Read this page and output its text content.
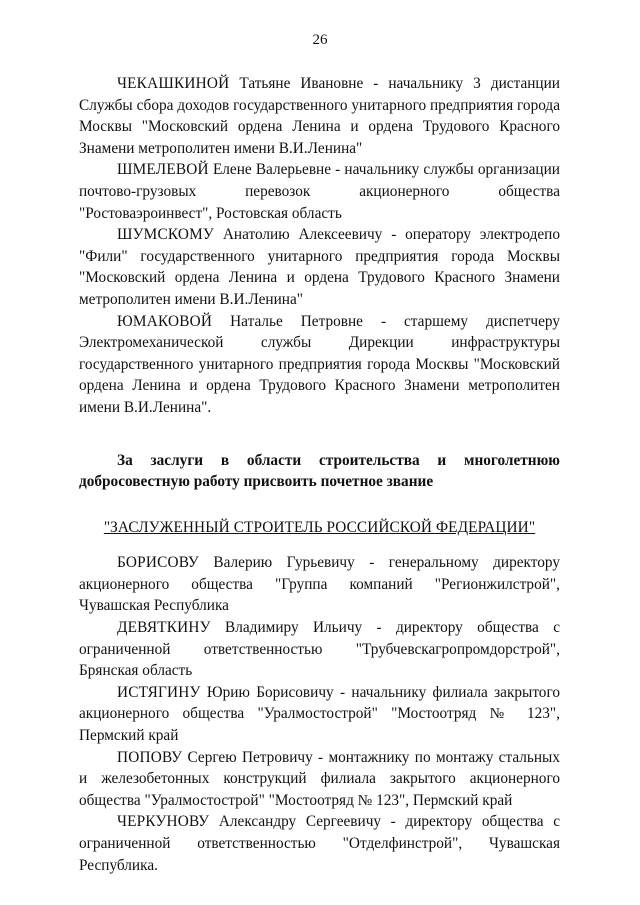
26

ЧЕКАШКИНОЙ Татьяне Ивановне - начальнику 3 дистанции Службы сбора доходов государственного унитарного предприятия города Москвы "Московский ордена Ленина и ордена Трудового Красного Знамени метрополитен имени В.И.Ленина"

ШМЕЛЕВОЙ Елене Валерьевне - начальнику службы организации почтово-грузовых перевозок акционерного общества "Ростоваэроинвест", Ростовская область

ШУМСКОМУ Анатолию Алексеевичу - оператору электродепо "Фили" государственного унитарного предприятия города Москвы "Московский ордена Ленина и ордена Трудового Красного Знамени метрополитен имени В.И.Ленина"

ЮМАКОВОЙ Наталье Петровне - старшему диспетчеру Электромеханической службы Дирекции инфраструктуры государственного унитарного предприятия города Москвы "Московский ордена Ленина и ордена Трудового Красного Знамени метрополитен имени В.И.Ленина".

За заслуги в области строительства и многолетнюю добросовестную работу присвоить почетное звание

"ЗАСЛУЖЕННЫЙ СТРОИТЕЛЬ РОССИЙСКОЙ ФЕДЕРАЦИИ"

БОРИСОВУ Валерию Гурьевичу - генеральному директору акционерного общества "Группа компаний "Регионжилстрой", Чувашская Республика

ДЕВЯТКИНУ Владимиру Ильичу - директору общества с ограниченной ответственностью "Трубчевскагропромдорстрой", Брянская область

ИСТЯГИНУ Юрию Борисовичу - начальнику филиала закрытого акционерного общества "Уралмостострой" "Мостоотряд № 123", Пермский край

ПОПОВУ Сергею Петровичу - монтажнику по монтажу стальных и железобетонных конструкций филиала закрытого акционерного общества "Уралмостострой" "Мостоотряд № 123", Пермский край

ЧЕРКУНОВУ Александру Сергеевичу - директору общества с ограниченной ответственностью "Отделфинстрой", Чувашская Республика.
